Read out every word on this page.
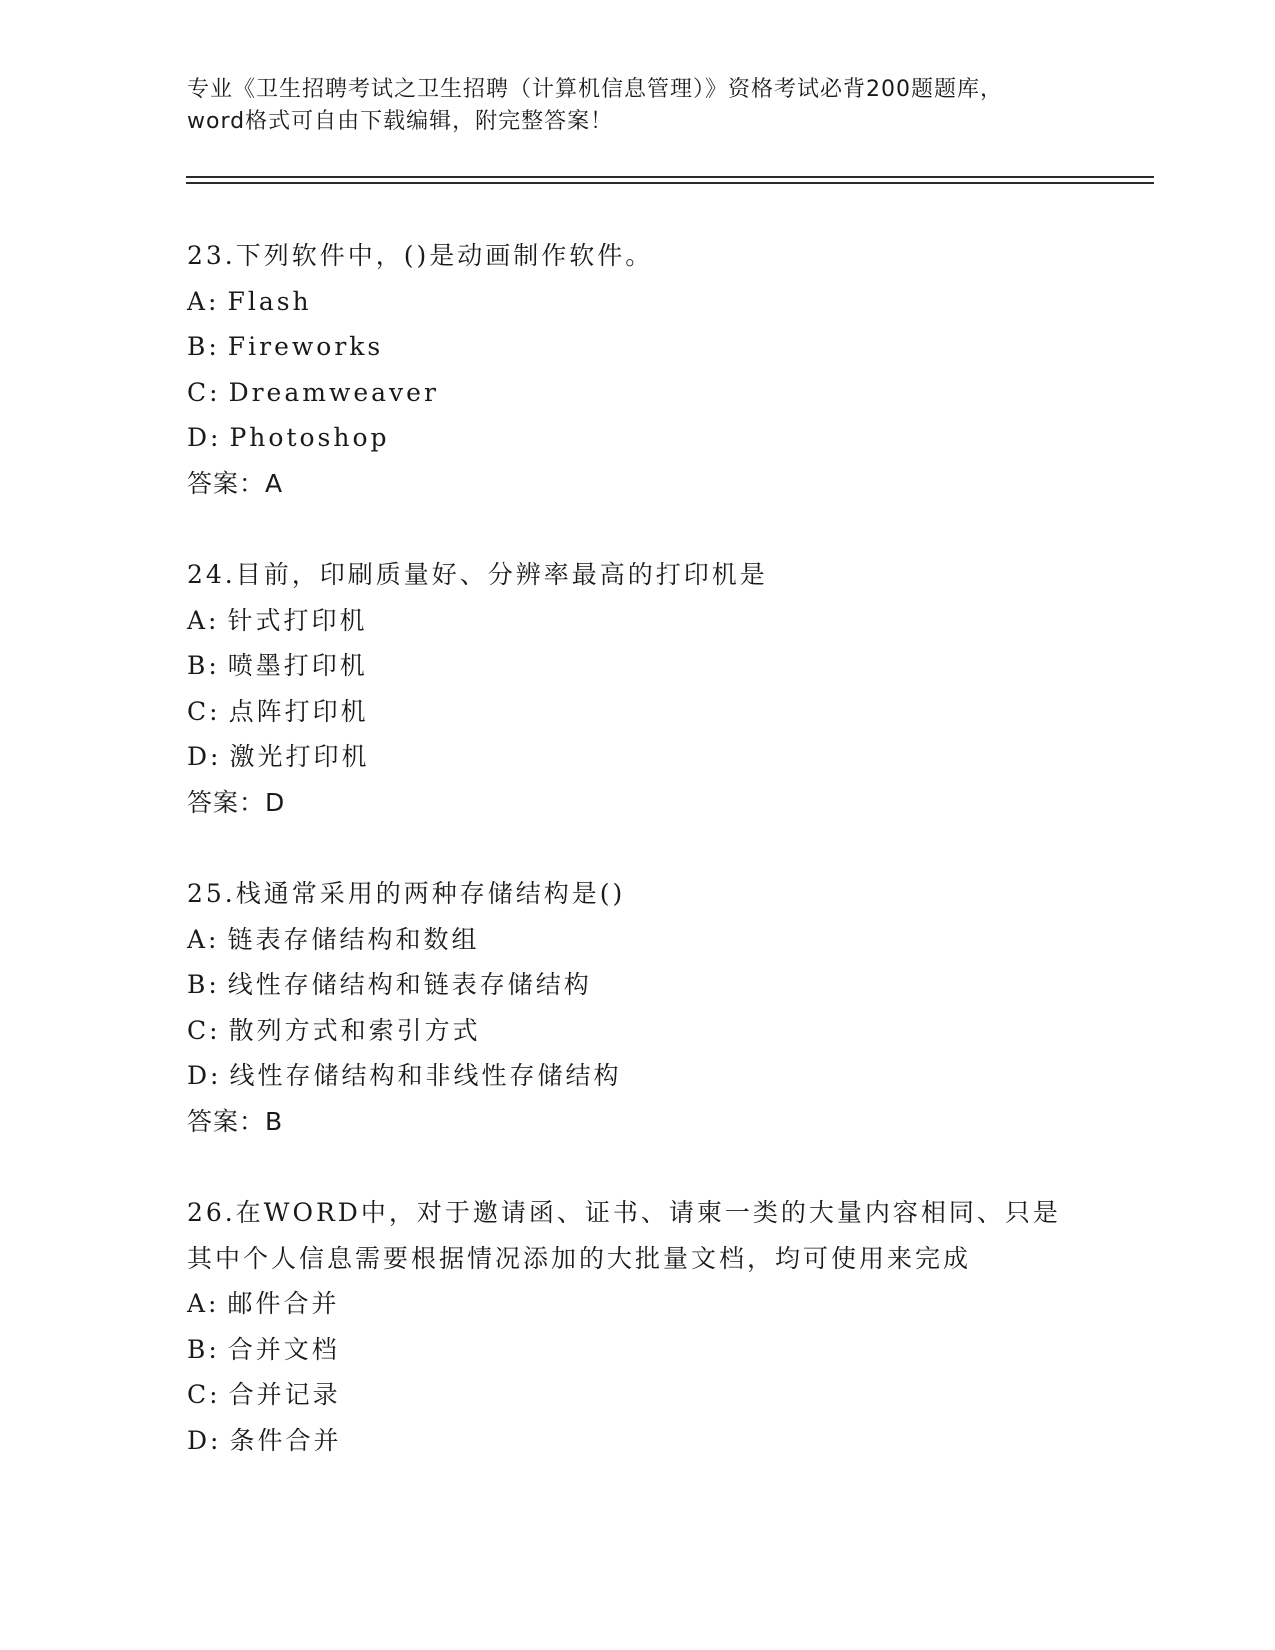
专业《卫生招聘考试之卫生招聘（计算机信息管理）》资格考试必背200题题库，
word格式可自由下载编辑，附完整答案！
23.下列软件中，()是动画制作软件。
A: Flash
B: Fireworks
C: Dreamweaver
D: Photoshop
答案：A
24.目前，印刷质量好、分辨率最高的打印机是
A: 针式打印机
B: 喷墨打印机
C: 点阵打印机
D: 激光打印机
答案：D
25.栈通常采用的两种存储结构是()
A: 链表存储结构和数组
B: 线性存储结构和链表存储结构
C: 散列方式和索引方式
D: 线性存储结构和非线性存储结构
答案：B
26.在WORD中，对于邀请函、证书、请柬一类的大量内容相同、只是
其中个人信息需要根据情况添加的大批量文档，均可使用来完成
A: 邮件合并
B: 合并文档
C: 合并记录
D: 条件合并
